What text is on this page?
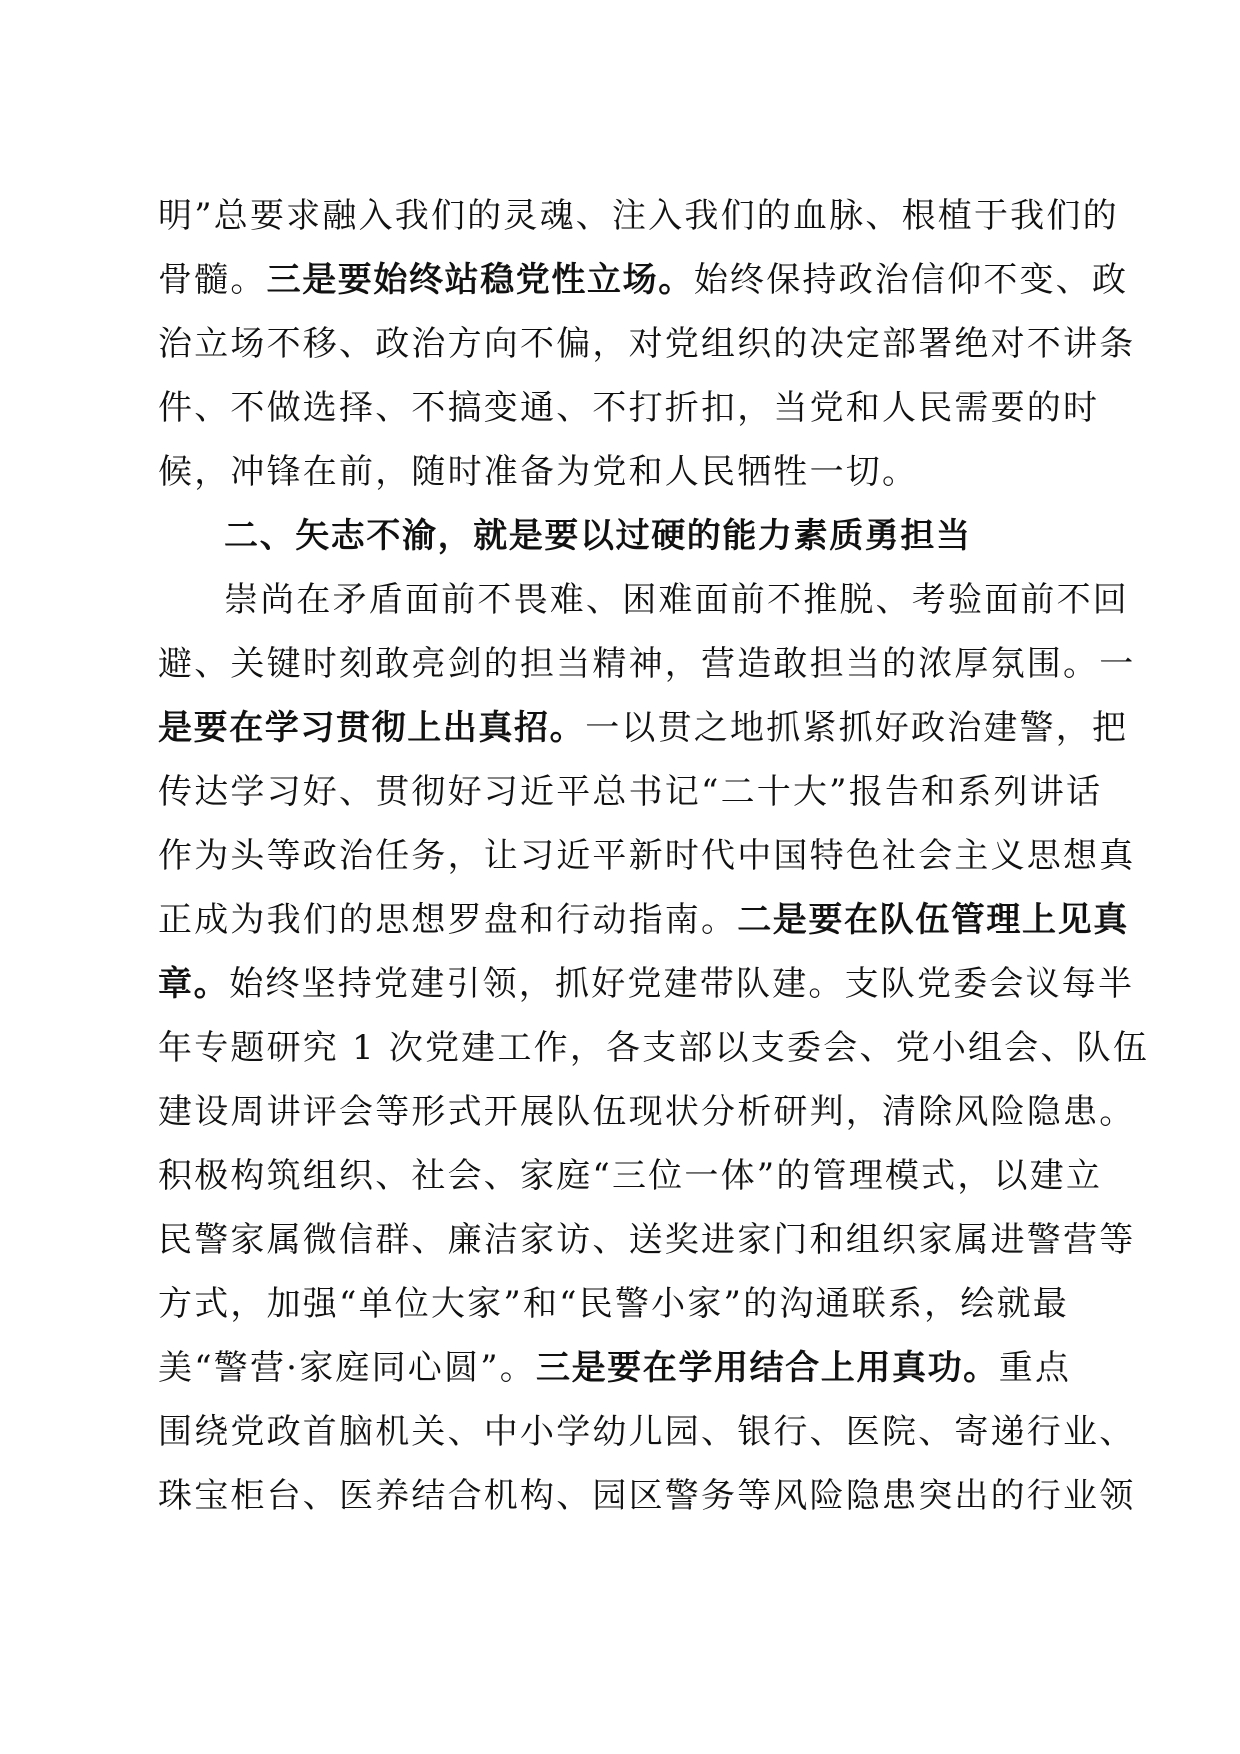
明”总要求融入我们的灵魂、注入我们的血脉、根植于我们的
骨髓。三是要始终站稳党性立场。始终保持政治信仰不变、政
治立场不移、政治方向不偏，对党组织的决定部署绝对不讲条
件、不做选择、不搞变通、不打折扣，当党和人民需要的时
候，冲锋在前，随时准备为党和人民牺牲一切。
二、矢志不渝，就是要以过硬的能力素质勇担当
崇尚在矛盾面前不畏难、困难面前不推脱、考验面前不回
避、关键时刻敢亮剑的担当精神，营造敢担当的浓厚氛围。一
是要在学习贯彻上出真招。一以贯之地抓紧抓好政治建警，把
传达学习好、贯彻好习近平总书记“二十大”报告和系列讲话
作为头等政治任务，让习近平新时代中国特色社会主义思想真
正成为我们的思想罗盘和行动指南。二是要在队伍管理上见真
章。始终坚持党建引领，抓好党建带队建。支队党委会议每半
年专题研究 1 次党建工作，各支部以支委会、党小组会、队伍
建设周讲评会等形式开展队伍现状分析研判，清除风险隐患。
积极构筑组织、社会、家庭“三位一体”的管理模式，以建立
民警家属微信群、廉洁家访、送奖进家门和组织家属进警营等
方式，加强“单位大家”和“民警小家”的沟通联系，绘就最
美“警营·家庭同心圆”。三是要在学用结合上用真功。重点
围绕党政首脑机关、中小学幼儿园、银行、医院、寄递行业、
珠宝柜台、医养结合机构、园区警务等风险隐患突出的行业领
